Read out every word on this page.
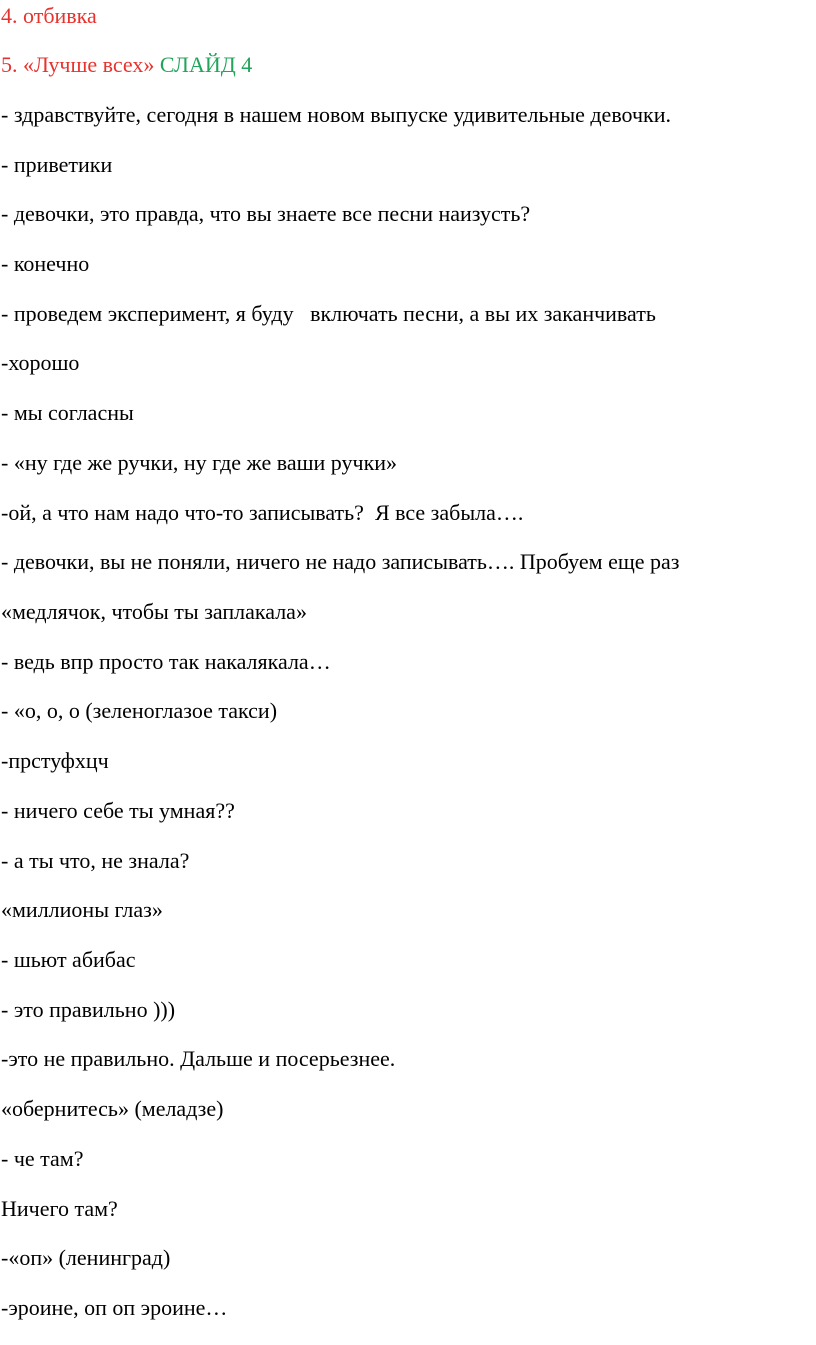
4. отбивка
5. «Лучше всех» СЛАЙД 4
- здравствуйте, сегодня в нашем новом выпуске удивительные девочки.
- приветики
- девочки, это правда, что вы знаете все песни наизусть?
- конечно
- проведем эксперимент, я буду   включать песни, а вы их заканчивать
-хорошо
- мы согласны
- «ну где же ручки, ну где же ваши ручки»
-ой, а что нам надо что-то записывать?  Я все забыла….
- девочки, вы не поняли, ничего не надо записывать…. Пробуем еще раз
«медлячок, чтобы ты заплакала»
- ведь впр просто так накалякала…
- «о, о, о (зеленоглазое такси)
-прстуфхцч
- ничего себе ты умная??
- а ты что, не знала?
«миллионы глаз»
- шьют абибас
- это правильно )))
-это не правильно. Дальше и посерьезнее.
«обернитесь» (меладзе)
- че там?
Ничего там?
-«оп» (ленинград)
-эроине, оп оп эроине…
